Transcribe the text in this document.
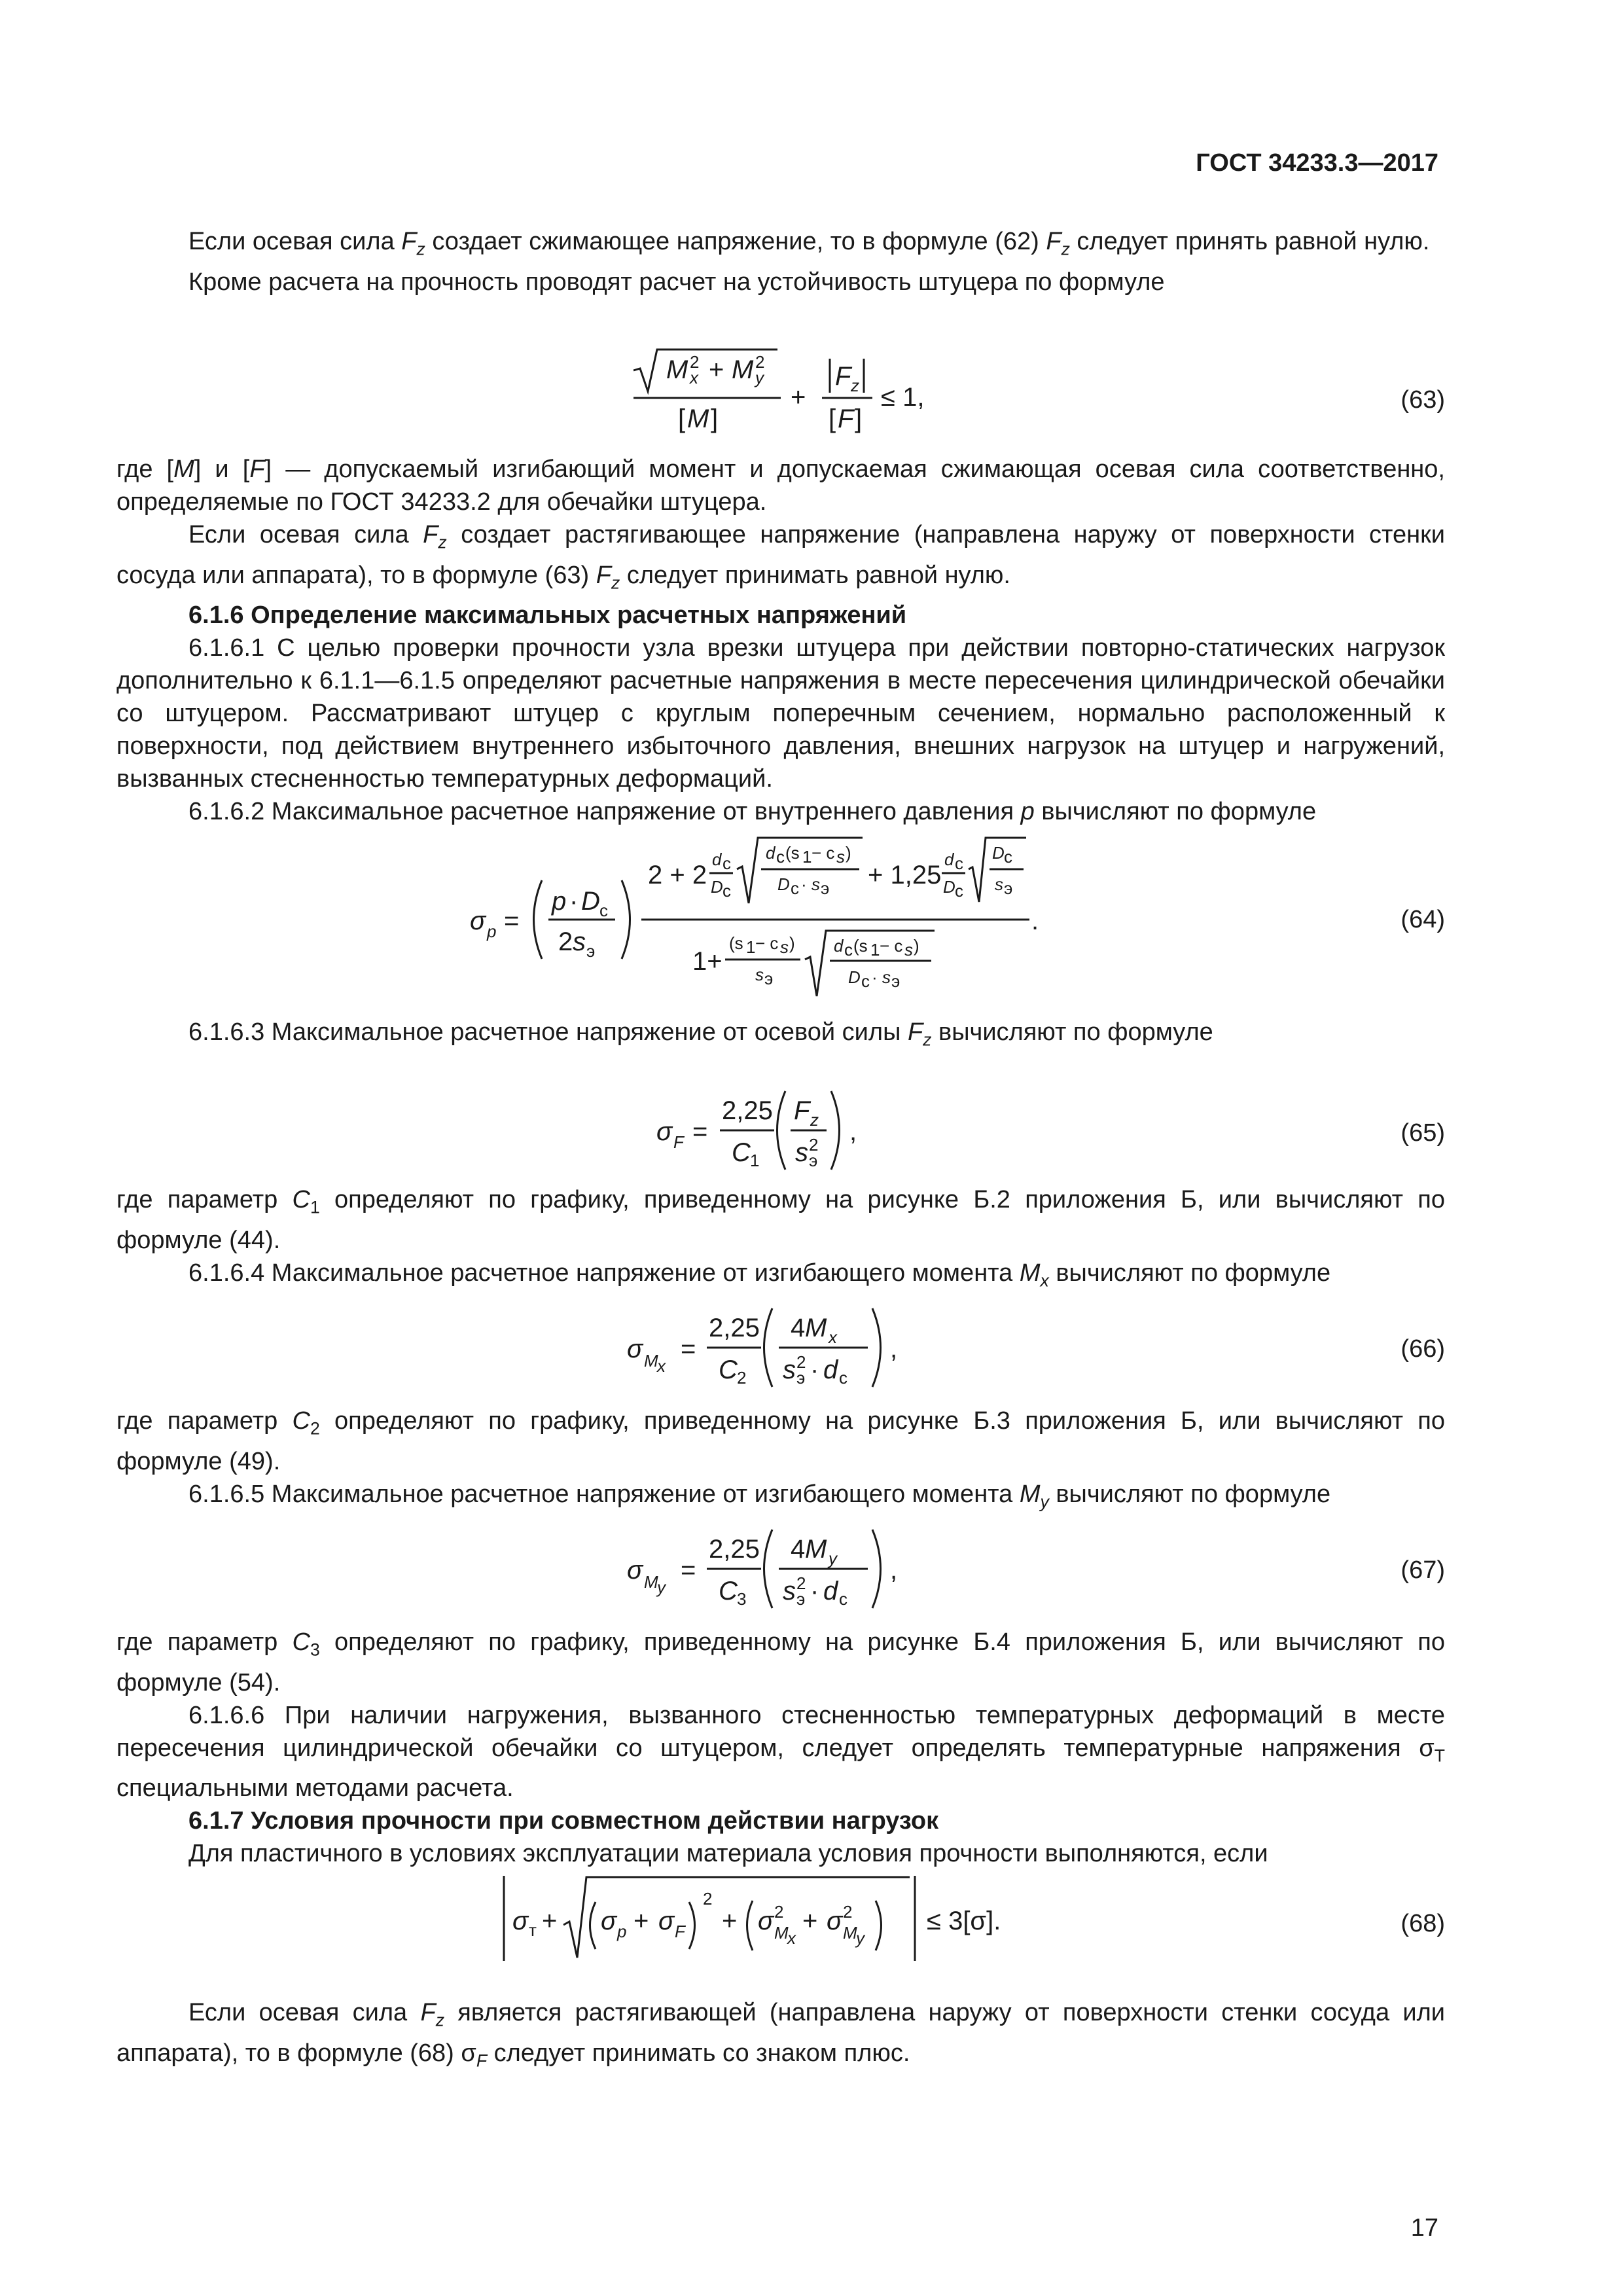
ГОСТ 34233.3—2017

Если осевая сила $F_z$ создает сжимающее напряжение, то в формуле (62) $F_z$ следует принять равной нулю.

Кроме расчета на прочность проводят расчет на устойчивость штуцера по формуле

M 2
x + M 2
y
[ M ]
+
F z
[ F ]
≤ 1,	(63)

где [M] и [F] — допускаемый изгибающий момент и допускаемая сжимающая осевая сила соответственно, определяемые по ГОСТ 34233.2 для обечайки штуцера.

Если осевая сила $F_z$ создает растягивающее напряжение (направлена наружу от поверхности стенки сосуда или аппарата), то в формуле (63) $F_z$ следует принимать равной нулю.

6.1.6 Определение максимальных расчетных напряжений

6.1.6.1 С целью проверки прочности узла врезки штуцера при действии повторно-статических нагрузок дополнительно к 6.1.1—6.1.5 определяют расчетные напряжения в месте пересечения цилиндрической обечайки со штуцером. Рассматривают штуцер с круглым поперечным сечением, нормально расположенный к поверхности, под действием внутреннего избыточного давления, внешних нагрузок на штуцер и нагружений, вызванных стесненностью температурных деформаций.

6.1.6.2 Максимальное расчетное напряжение от внутреннего давления p вычисляют по формуле

σ p =
p · D c
2 s э
2 + 2
d c
D c
d c (s 1 − c s )
D c · s э + 1,25
d c
D c
D c
s э
1+
(s 1 − c s )
s э
d c (s 1 − c s )
D c · s э
.	(64)

6.1.6.3 Максимальное расчетное напряжение от осевой силы $F_z$ вычисляют по формуле

σ F =
2,25
C 1
F z
s 2
э
,	(65)

где параметр $C_1$ определяют по графику, приведенному на рисунке Б.2 приложения Б, или вычисляют по формуле (44).

6.1.6.4 Максимальное расчетное напряжение от изгибающего момента $M_x$ вычисляют по формуле

σ M
x
=
2,25
C 2
4 M x
s 2
э · d c
,	(66)

где параметр $C_2$ определяют по графику, приведенному на рисунке Б.3 приложения Б, или вычисляют по формуле (49).

6.1.6.5 Максимальное расчетное напряжение от изгибающего момента $M_y$ вычисляют по формуле

σ M
y
=
2,25
C 3
4 M y
s 2
э · d c
,	(67)

где параметр $C_3$ определяют по графику, приведенному на рисунке Б.4 приложения Б, или вычисляют по формуле (54).

6.1.6.6 При наличии нагружения, вызванного стесненностью температурных деформаций в месте пересечения цилиндрической обечайки со штуцером, следует определять температурные напряжения $\sigma_T$ специальными методами расчета.

6.1.7 Условия прочности при совместном действии нагрузок

Для пластичного в условиях эксплуатации материала условия прочности выполняются, если

σ т + σ p + σ F
2
+ σ 2
M
x
+ σ 2
M
y
≤ 3[σ].	(68)

Если осевая сила $F_z$ является растягивающей (направлена наружу от поверхности стенки сосуда или аппарата), то в формуле (68) $\sigma_F$ следует принимать со знаком плюс.

17
